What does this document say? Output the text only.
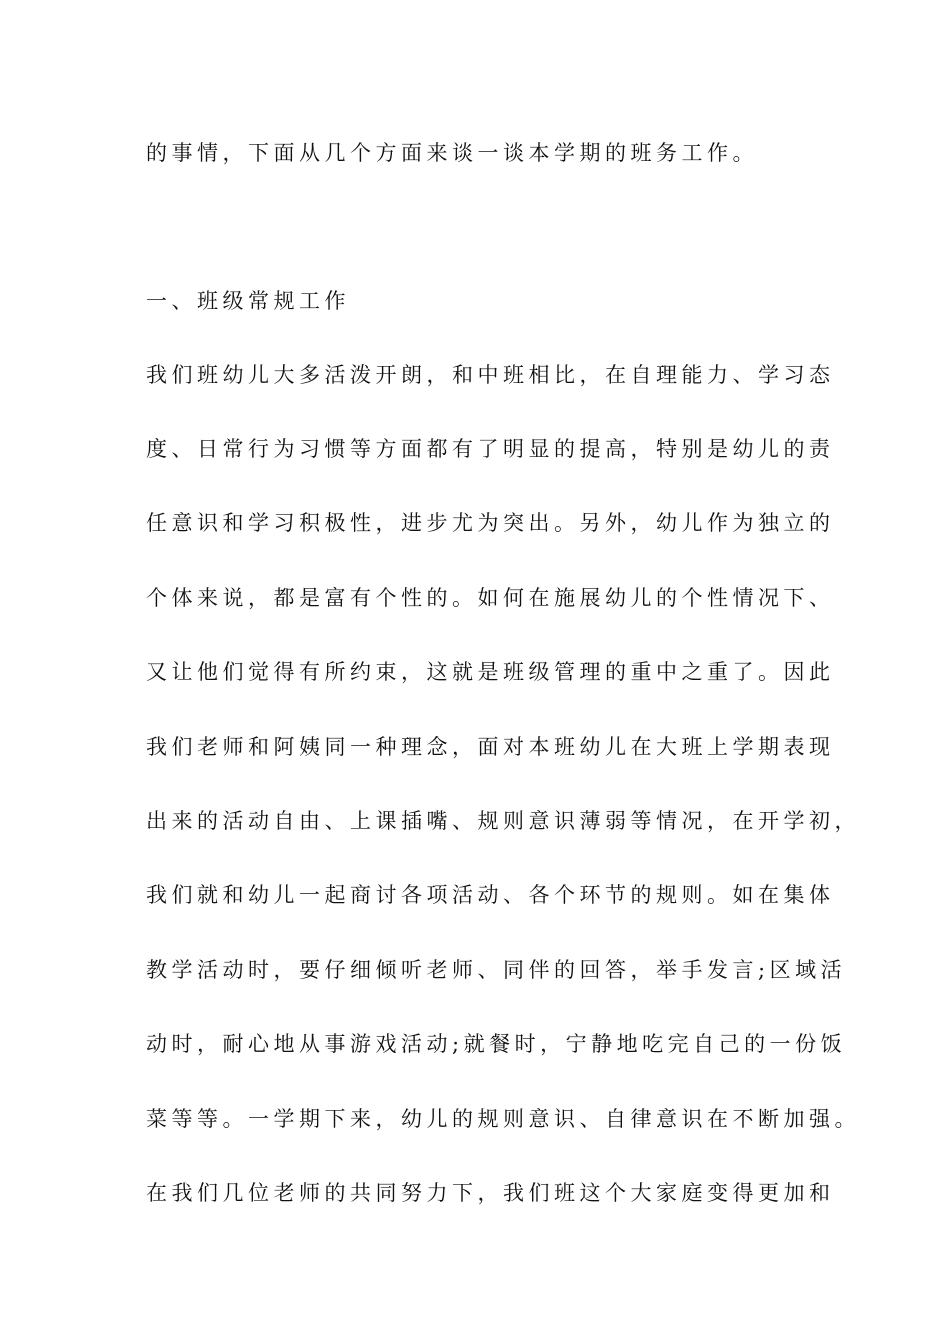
的事情，下面从几个方面来谈一谈本学期的班务工作。
一、班级常规工作
我们班幼儿大多活泼开朗，和中班相比，在自理能力、学习态
度、日常行为习惯等方面都有了明显的提高，特别是幼儿的责
任意识和学习积极性，进步尤为突出。另外，幼儿作为独立的
个体来说，都是富有个性的。如何在施展幼儿的个性情况下、
又让他们觉得有所约束，这就是班级管理的重中之重了。因此
我们老师和阿姨同一种理念，面对本班幼儿在大班上学期表现
出来的活动自由、上课插嘴、规则意识薄弱等情况，在开学初，
我们就和幼儿一起商讨各项活动、各个环节的规则。如在集体
教学活动时，要仔细倾听老师、同伴的回答，举手发言;区域活
动时，耐心地从事游戏活动;就餐时，宁静地吃完自己的一份饭
菜等等。一学期下来，幼儿的规则意识、自律意识在不断加强。
在我们几位老师的共同努力下，我们班这个大家庭变得更加和
